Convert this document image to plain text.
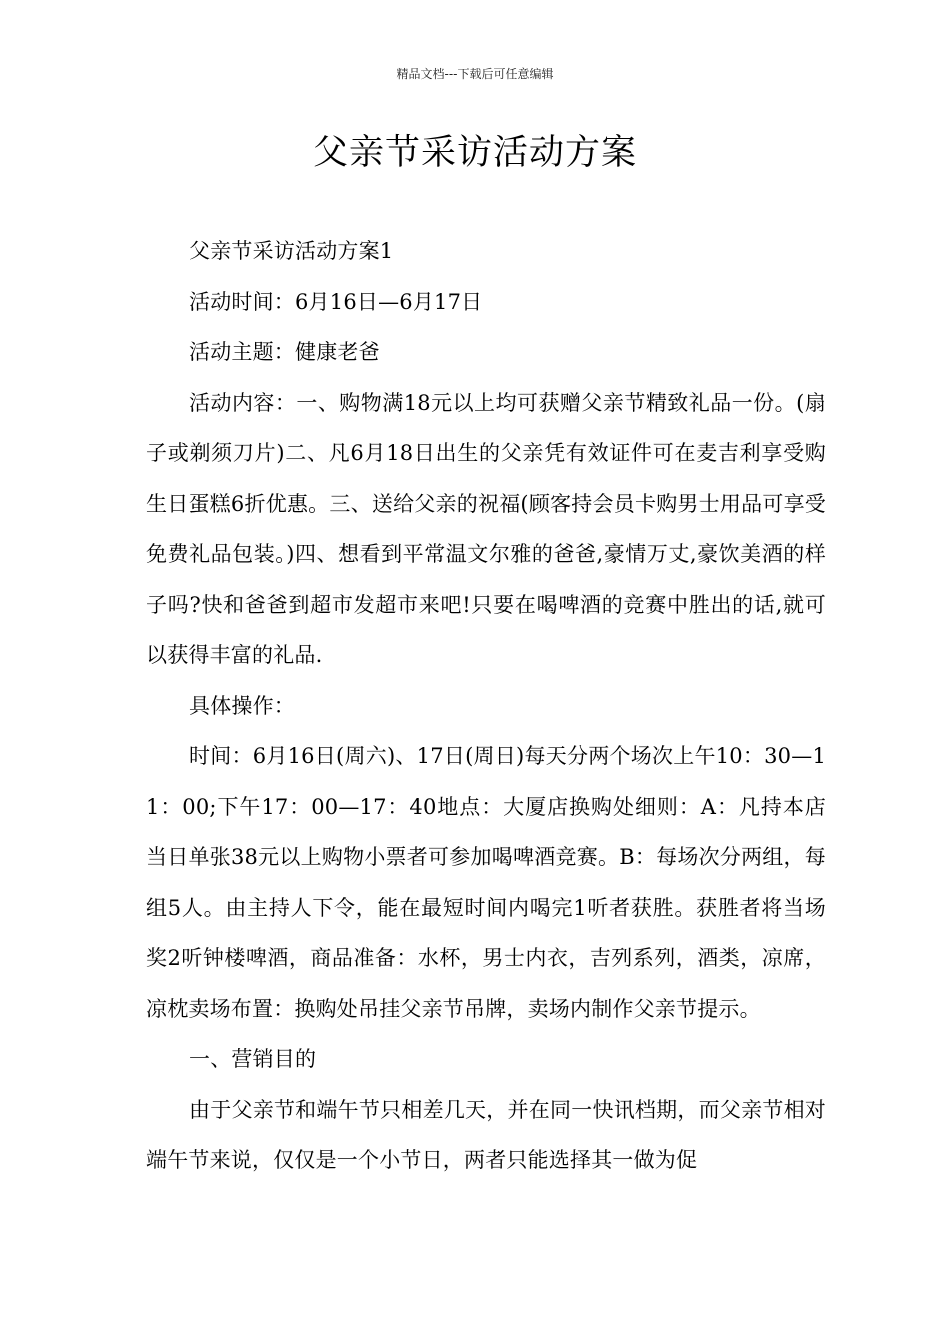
精品文档---下载后可任意编辑
父亲节采访活动方案

父亲节采访活动方案1

活动时间：6月16日—6月17日

活动主题：健康老爸

活动内容：一、购物满18元以上均可获赠父亲节精致礼品一份。(扇子或剃须刀片)二、凡6月18日出生的父亲凭有效证件可在麦吉利享受购生日蛋糕6折优惠。三、送给父亲的祝福(顾客持会员卡购男士用品可享受免费礼品包装。)四、想看到平常温文尔雅的爸爸,豪情万丈,豪饮美酒的样子吗?快和爸爸到超市发超市来吧!只要在喝啤酒的竞赛中胜出的话,就可以获得丰富的礼品.

具体操作：

时间：6月16日(周六)、17日(周日)每天分两个场次上午10：30—11：00;下午17：00—17：40地点：大厦店换购处细则：A：凡持本店当日单张38元以上购物小票者可参加喝啤酒竞赛。B：每场次分两组，每组5人。由主持人下令，能在最短时间内喝完1听者获胜。获胜者将当场奖2听钟楼啤酒，商品准备：水杯，男士内衣，吉列系列，酒类，凉席，凉枕卖场布置：换购处吊挂父亲节吊牌，卖场内制作父亲节提示。

一、营销目的

由于父亲节和端午节只相差几天，并在同一快讯档期，而父亲节相对端午节来说，仅仅是一个小节日，两者只能选择其一做为促
